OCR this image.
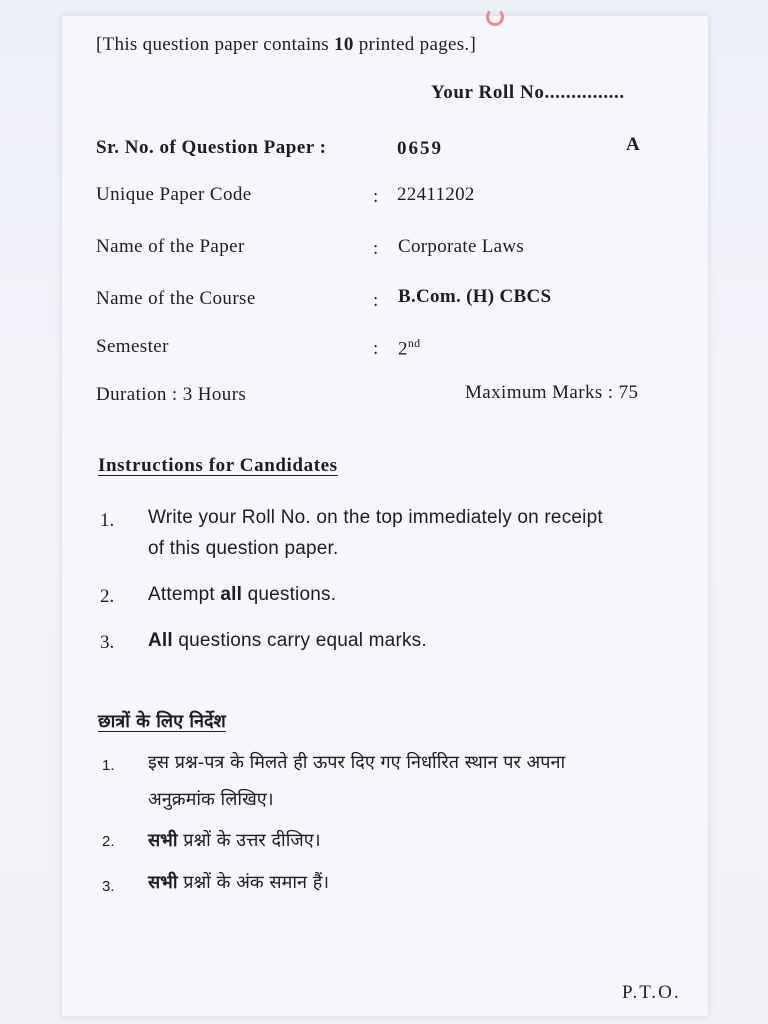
[This question paper contains 10 printed pages.]
Your Roll No...............
Sr. No. of Question Paper :	0659	A
Unique Paper Code	: 22411202
Name of the Paper	: Corporate Laws
Name of the Course	: B.Com. (H) CBCS
Semester	: 2nd
Duration : 3 Hours	Maximum Marks : 75
Instructions for Candidates
1. Write your Roll No. on the top immediately on receipt
of this question paper.
2. Attempt all questions.
3. All questions carry equal marks.
छात्रों के लिए निर्देश
1. इस प्रश्न-पत्र के मिलते ही ऊपर दिए गए निर्धारित स्थान पर अपना
अनुक्रमांक लिखिए।
2. सभी प्रश्नों के उत्तर दीजिए।
3. सभी प्रश्नों के अंक समान हैं।
P.T.O.
